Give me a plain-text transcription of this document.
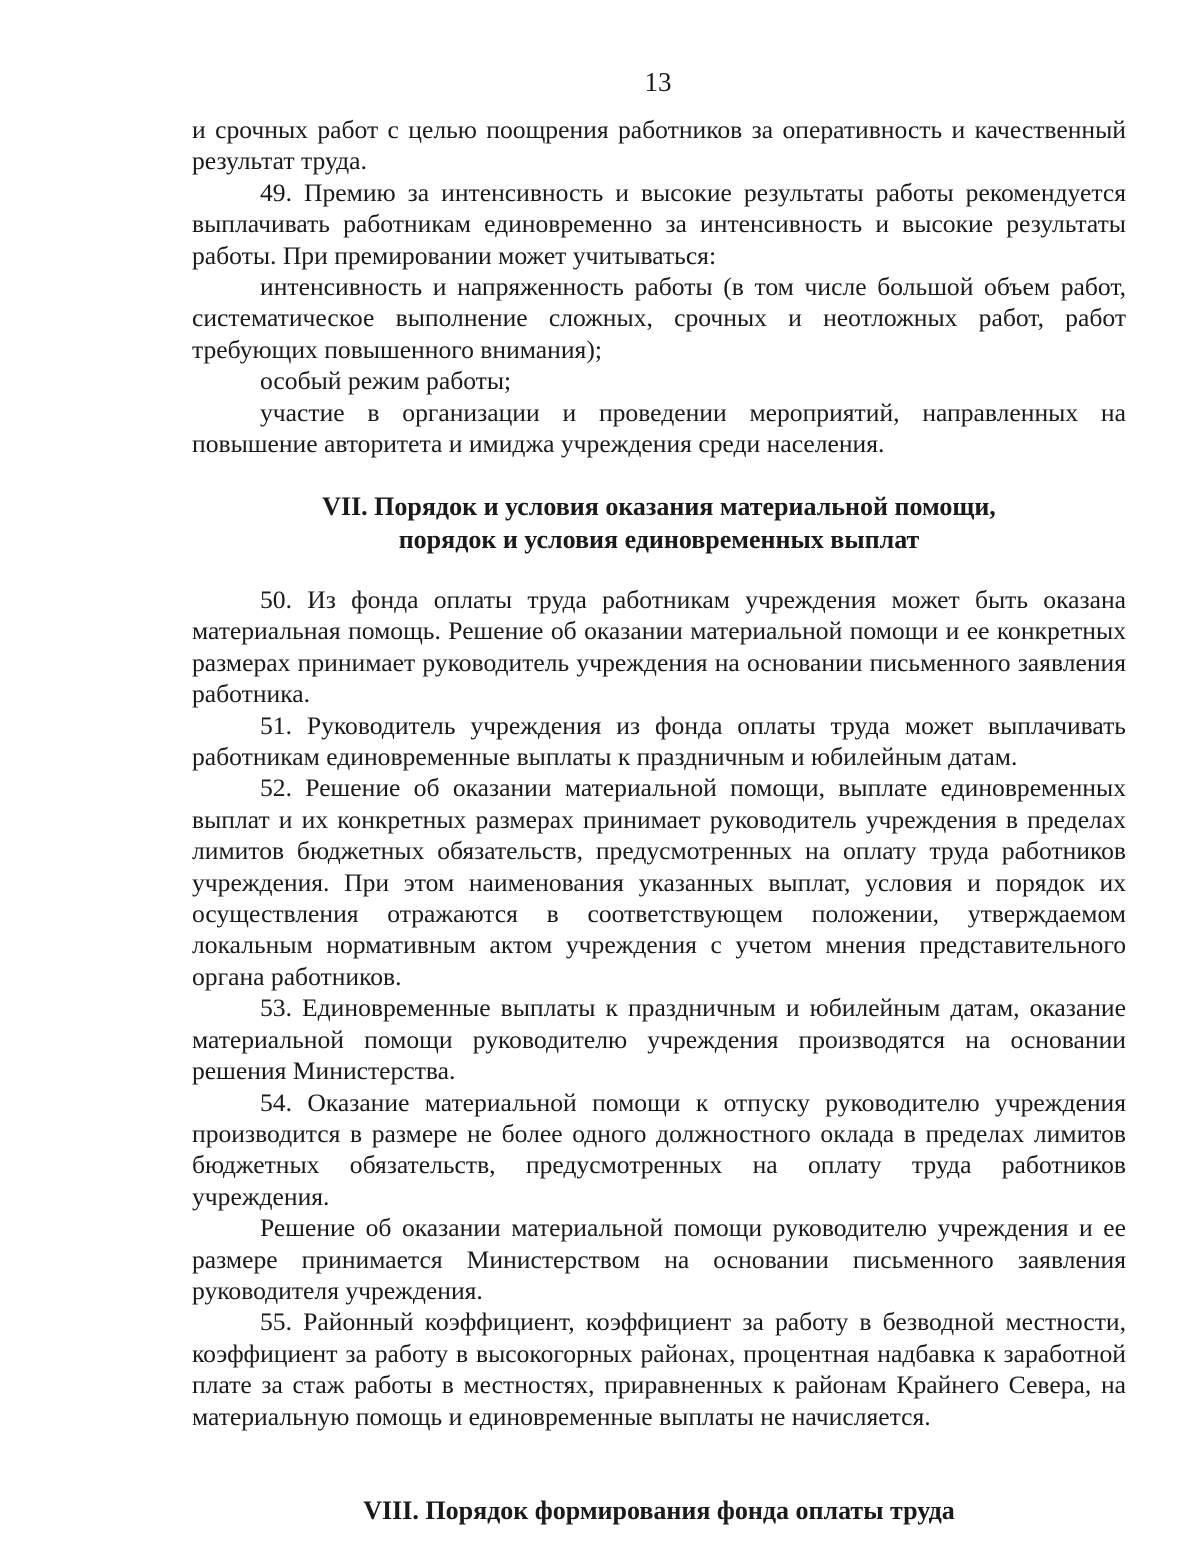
13

и срочных работ с целью поощрения работников за оперативность и качественный результат труда.

49. Премию за интенсивность и высокие результаты работы рекомендуется выплачивать работникам единовременно за интенсивность и высокие результаты работы. При премировании может учитываться:

интенсивность и напряженность работы (в том числе большой объем работ, систематическое выполнение сложных, срочных и неотложных работ, работ требующих повышенного внимания);

особый режим работы;

участие в организации и проведении мероприятий, направленных на повышение авторитета и имиджа учреждения среди населения.

VII. Порядок и условия оказания материальной помощи,
порядок и условия единовременных выплат

50. Из фонда оплаты труда работникам учреждения может быть оказана материальная помощь. Решение об оказании материальной помощи и ее конкретных размерах принимает руководитель учреждения на основании письменного заявления работника.

51. Руководитель учреждения из фонда оплаты труда может выплачивать работникам единовременные выплаты к праздничным и юбилейным датам.

52. Решение об оказании материальной помощи, выплате единовременных выплат и их конкретных размерах принимает руководитель учреждения в пределах лимитов бюджетных обязательств, предусмотренных на оплату труда работников учреждения. При этом наименования указанных выплат, условия и порядок их осуществления отражаются в соответствующем положении, утверждаемом локальным нормативным актом учреждения с учетом мнения представительного органа работников.

53. Единовременные выплаты к праздничным и юбилейным датам, оказание материальной помощи руководителю учреждения производятся на основании решения Министерства.

54. Оказание материальной помощи к отпуску руководителю учреждения производится в размере не более одного должностного оклада в пределах лимитов бюджетных обязательств, предусмотренных на оплату труда работников учреждения.

Решение об оказании материальной помощи руководителю учреждения и ее размере принимается Министерством на основании письменного заявления руководителя учреждения.

55. Районный коэффициент, коэффициент за работу в безводной местности, коэффициент за работу в высокогорных районах, процентная надбавка к заработной плате за стаж работы в местностях, приравненных к районам Крайнего Севера, на материальную помощь и единовременные выплаты не начисляется.

VIII. Порядок формирования фонда оплаты труда
